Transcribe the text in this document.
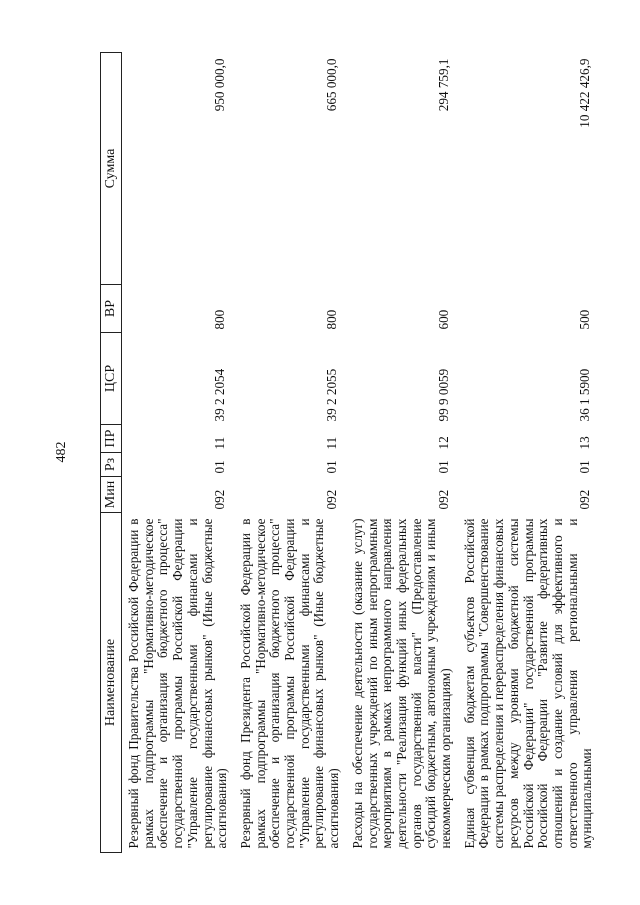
482
Наименование	Мин	Рз	ПР	ЦСР	ВР	Сумма
Резервный фонд Правительства Российской Федерации в рамках подпрограммы "Нормативно-методическое обеспечение и организация бюджетного процесса" государственной программы Российской Федерации "Управление государственными финансами и регулирование финансовых рынков" (Иные бюджетные ассигнования)	092	01	11	39 2 2054	800	950 000,0
Резервный фонд Президента Российской Федерации в рамках подпрограммы "Нормативно-методическое обеспечение и организация бюджетного процесса" государственной программы Российской Федерации "Управление государственными финансами и регулирование финансовых рынков" (Иные бюджетные ассигнования)	092	01	11	39 2 2055	800	665 000,0
Расходы на обеспечение деятельности (оказание услуг) государственных учреждений по иным непрограммным мероприятиям в рамках непрограммного направления деятельности "Реализация функций иных федеральных органов государственной власти" (Предоставление субсидий бюджетным, автономным учреждениям и иным некоммерческим организациям)	092	01	12	99 9 0059	600	294 759,1
Единая субвенция бюджетам субъектов Российской Федерации в рамках подпрограммы "Совершенствование системы распределения и перераспределения финансовых ресурсов между уровнями бюджетной системы Российской Федерации" государственной программы Российской Федерации "Развитие федеративных отношений и создание условий для эффективного и ответственного управления региональными и муниципальными	092	01	13	36 1 5900	500	10 422 426,9
